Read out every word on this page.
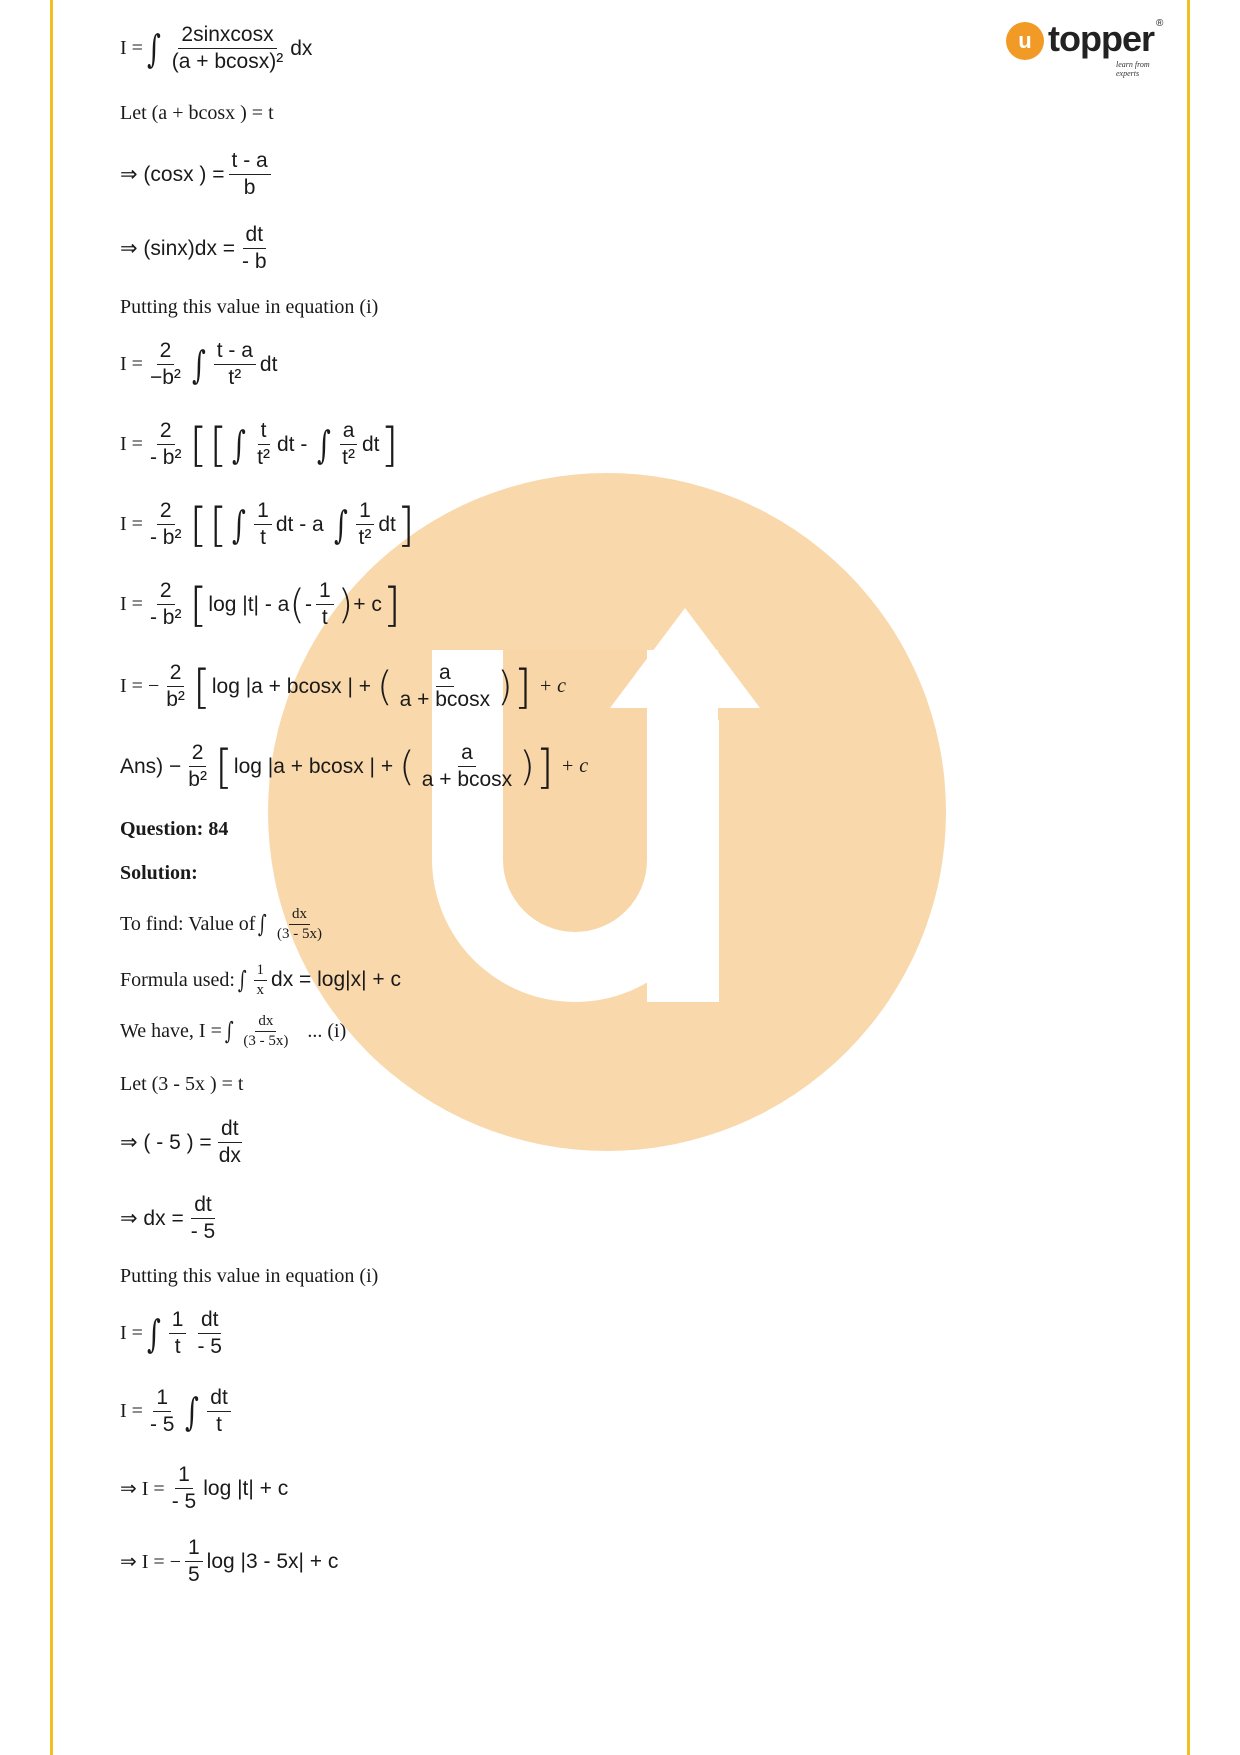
u topper ®
learn from experts
I = ∫ $\frac{\text{2sinxcosx}}{\text{(a + bcosx)²}}$ dx
Let (a + bcosx ) = t
⇒ (cosx ) = $\frac{t - a}{b}$
⇒ $(\sin x)dx = \frac{dt}{- b}$
Putting this value in equation (i)
$I = \frac{2}{\text{−b²}}$ ∫ $\frac{t - a}{\text{t²}}$ dt
$I = \frac{2}{\text{- b²}}$ [ [ ∫ $\frac{t}{\text{t²}}$ dt - ∫ $\frac{a}{\text{t²}}$ dt ]
$I = \frac{2}{\text{- b²}}$ [ [ ∫ $\frac{1}{t}$ dt - a ∫ $\frac{1}{\text{t²}}$ dt ]
$I = \frac{2}{\text{- b²}}$ [ log |t| - a ( - $\frac{1}{t}$ ) + c ]
I = − $\frac{2}{\text{b²}}$ [ log |a + bcosx | + ( $\frac{a}{a + bcosx}$ ) ] + c
$Ans) - \frac{2}{\text{b²}}$ [ log |a + bcosx | + ( $\frac{a}{a + bcosx}$ ) ] + c
Question: 84
Solution:
To find: Value of ∫ $\frac{dx}{(3 - 5x)}$
Formula used: ∫ $\frac{1}{x}$ dx = log|x| + c
We have, I = ∫ $\frac{dx}{(3 - 5x)}$ ... (i)
Let (3 - 5x ) = t
⇒ ( - 5 ) = $\frac{dt}{dx}$
⇒ dx = $\frac{dt}{- 5}$
Putting this value in equation (i)
I = ∫ $\frac{1}{t} \frac{dt}{- 5}$
$I = \frac{1}{- 5}$ ∫ $\frac{dt}{t}$
⇒ $I = \frac{1}{- 5}$ log |t| + c
⇒ I = − $\frac{1}{5}$ log |3 - 5x| + c
